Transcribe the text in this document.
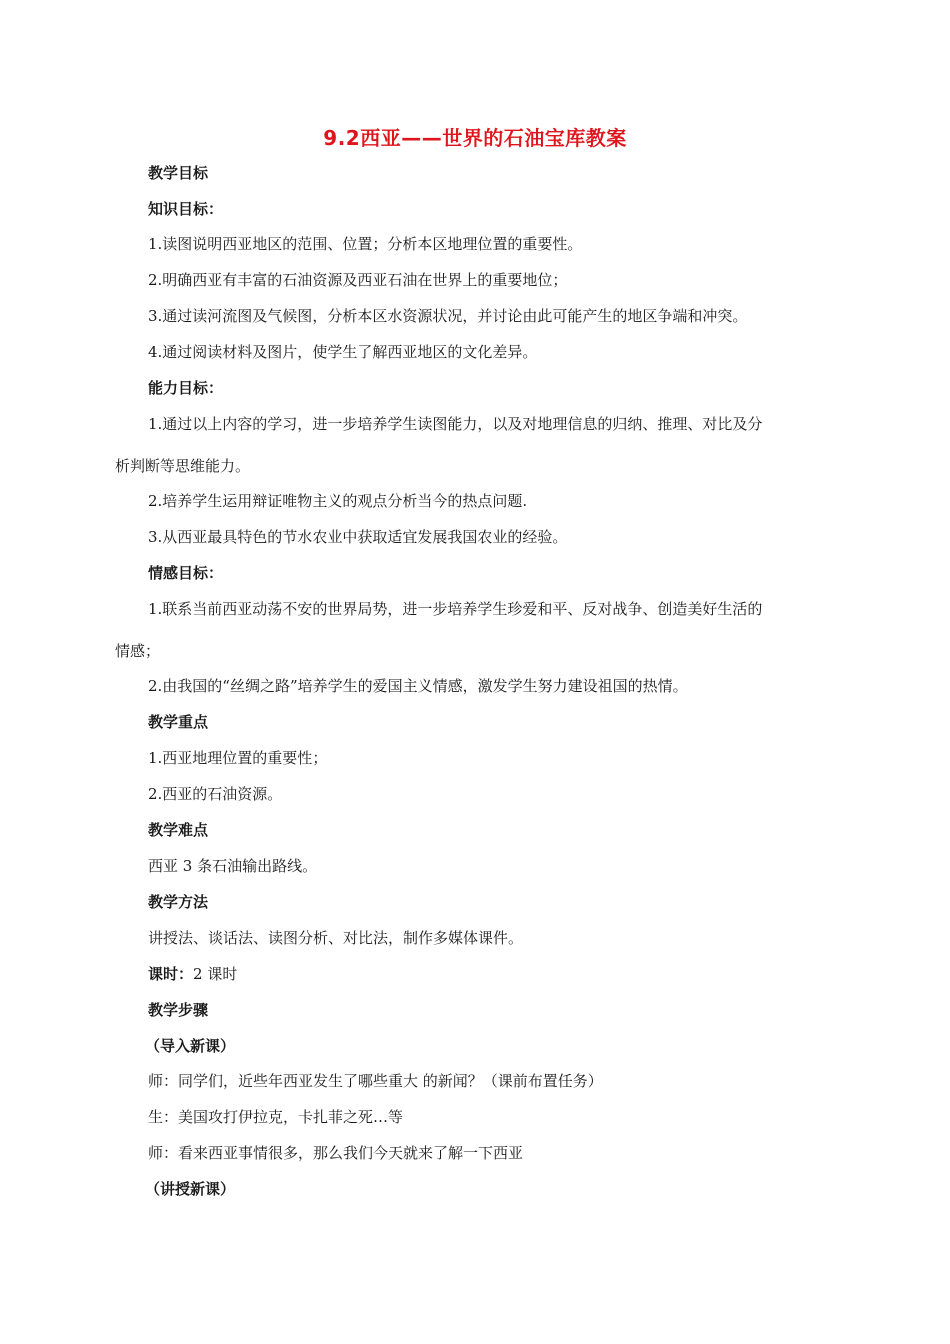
9.2西亚——世界的石油宝库教案
教学目标
知识目标：
1.读图说明西亚地区的范围、位置；分析本区地理位置的重要性。
2.明确西亚有丰富的石油资源及西亚石油在世界上的重要地位；
3.通过读河流图及气候图，分析本区水资源状况，并讨论由此可能产生的地区争端和冲突。
4.通过阅读材料及图片，使学生了解西亚地区的文化差异。
能力目标：
1.通过以上内容的学习，进一步培养学生读图能力，以及对地理信息的归纳、推理、对比及分
析判断等思维能力。
2.培养学生运用辩证唯物主义的观点分析当今的热点问题.
3.从西亚最具特色的节水农业中获取适宜发展我国农业的经验。
情感目标：
1.联系当前西亚动荡不安的世界局势，进一步培养学生珍爱和平、反对战争、创造美好生活的
情感；
2.由我国的“丝绸之路”培养学生的爱国主义情感，激发学生努力建设祖国的热情。
教学重点
1.西亚地理位置的重要性；
2.西亚的石油资源。
教学难点
西亚 3 条石油输出路线。
教学方法
讲授法、谈话法、读图分析、对比法，制作多媒体课件。
课时：2 课时
教学步骤
（导入新课）
师：同学们，近些年西亚发生了哪些重大 的新闻？（课前布置任务）
生：美国攻打伊拉克，卡扎菲之死…等
师：看来西亚事情很多，那么我们今天就来了解一下西亚
（讲授新课）
